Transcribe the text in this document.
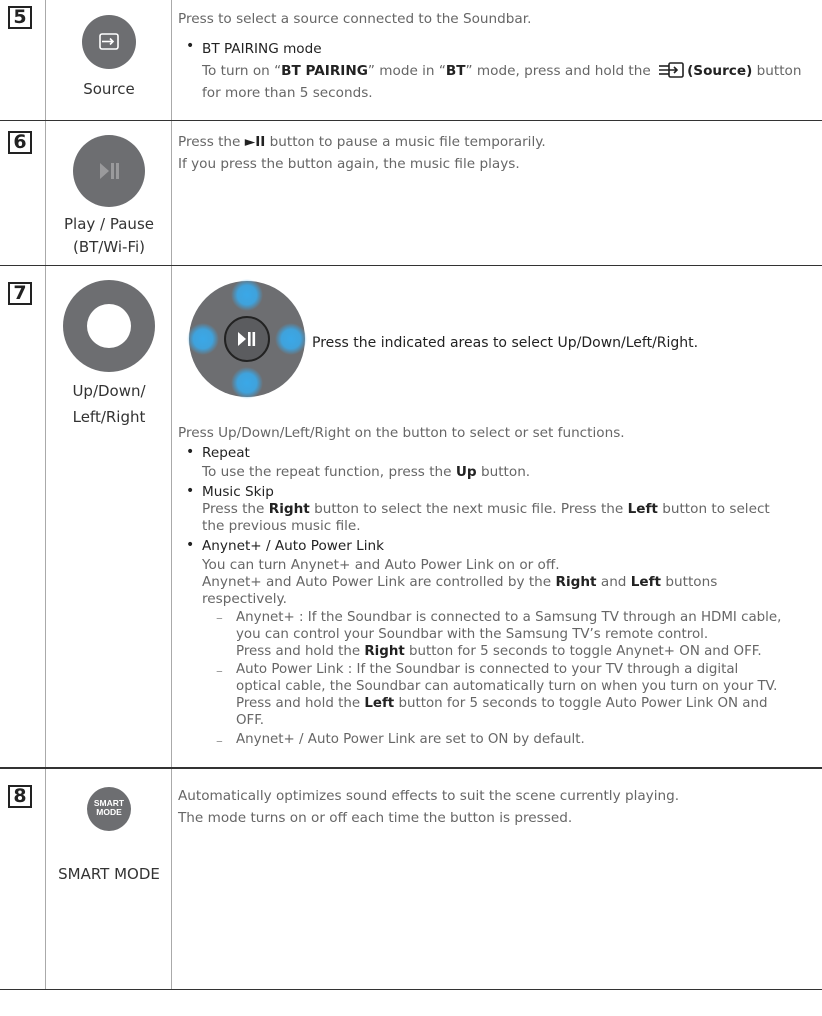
5
Source
Press to select a source connected to the Soundbar.
• BT PAIRING mode
To turn on “BT PAIRING” mode in “BT” mode, press and hold the	(Source) button
for more than 5 seconds.
6
Play / Pause
(BT/Wi-Fi)
Press the ►II button to pause a music file temporarily.
If you press the button again, the music file plays.
7
Up/Down/
Left/Right
Press the indicated areas to select Up/Down/Left/Right.
Press Up/Down/Left/Right on the button to select or set functions.
• Repeat
To use the repeat function, press the Up button.
• Music Skip
Press the Right button to select the next music file. Press the Left button to select
the previous music file.
• Anynet+ / Auto Power Link
You can turn Anynet+ and Auto Power Link on or off.
Anynet+ and Auto Power Link are controlled by the Right and Left buttons
respectively.
– Anynet+ : If the Soundbar is connected to a Samsung TV through an HDMI cable,
you can control your Soundbar with the Samsung TV’s remote control.
Press and hold the Right button for 5 seconds to toggle Anynet+ ON and OFF.
– Auto Power Link : If the Soundbar is connected to your TV through a digital
optical cable, the Soundbar can automatically turn on when you turn on your TV.
Press and hold the Left button for 5 seconds to toggle Auto Power Link ON and
OFF.
– Anynet+ / Auto Power Link are set to ON by default.
8	SMART
MODE
SMART MODE
Automatically optimizes sound effects to suit the scene currently playing.
The mode turns on or off each time the button is pressed.
